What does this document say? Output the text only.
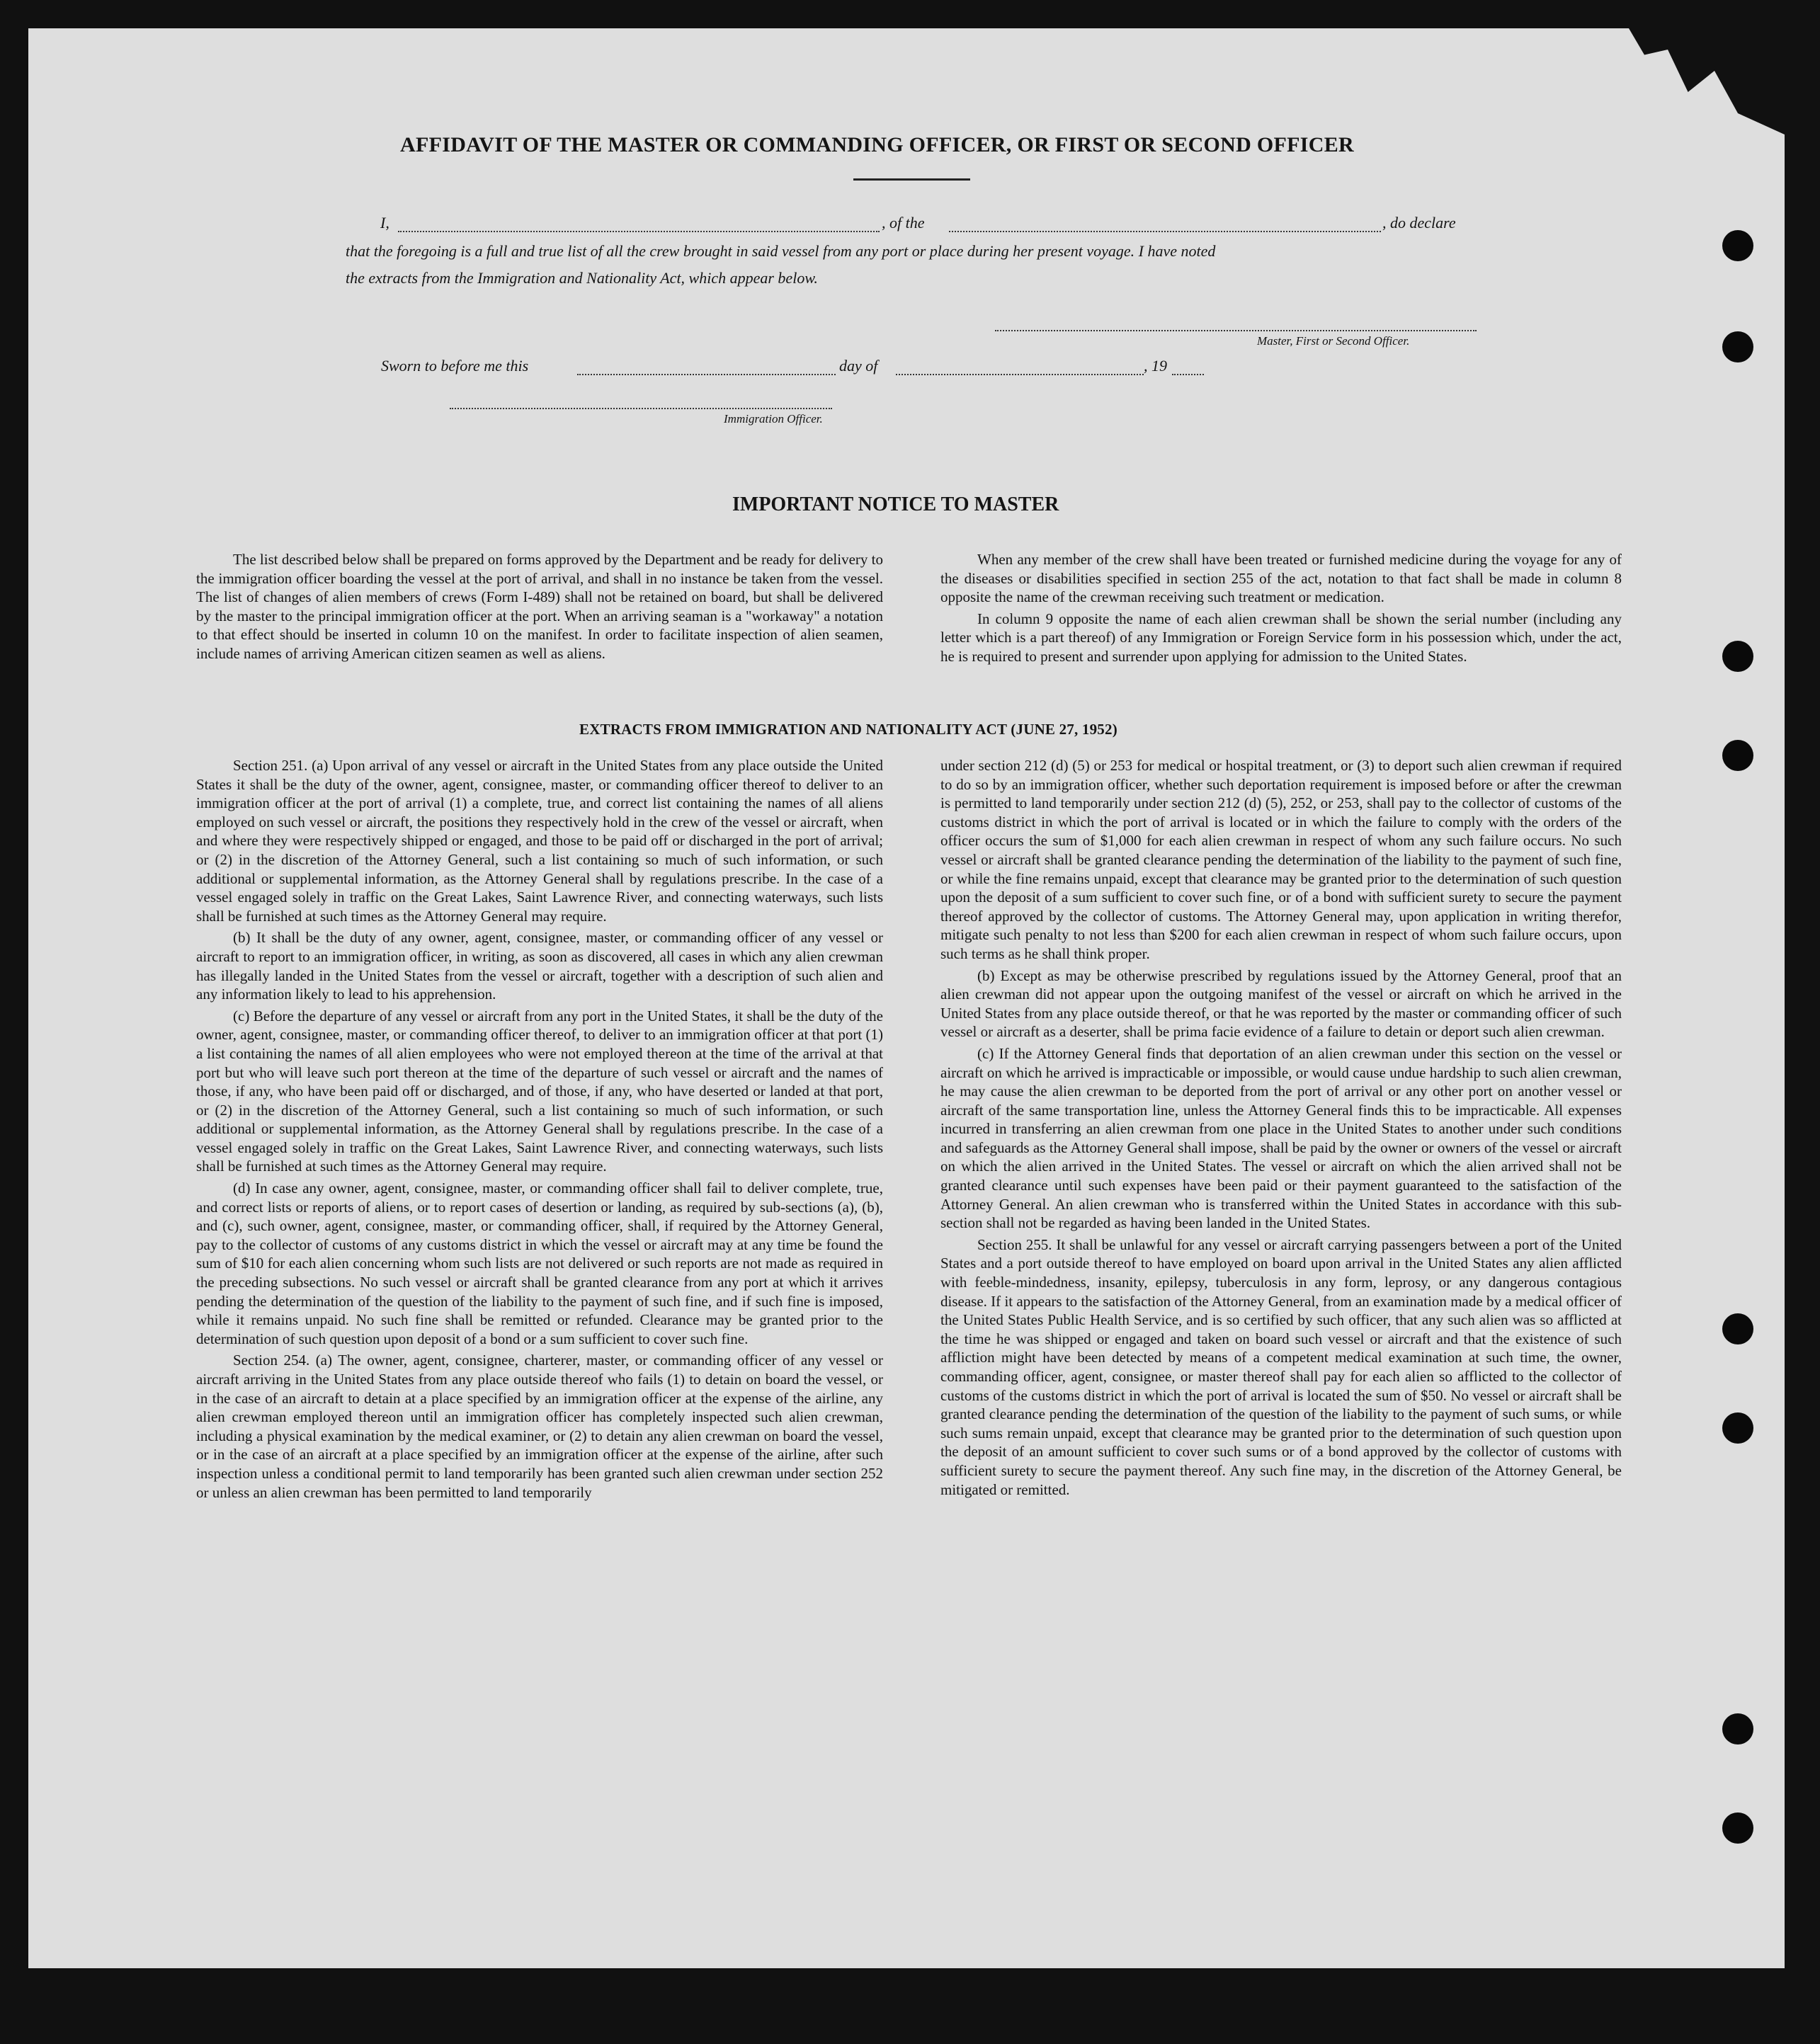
AFFIDAVIT OF THE MASTER OR COMMANDING OFFICER, OR FIRST OR SECOND OFFICER
I,	, of the	, do declare
that the foregoing is a full and true list of all the crew brought in said vessel from any port or place during her present voyage. I have noted
the extracts from the Immigration and Nationality Act, which appear below.
Master, First or Second Officer.
Sworn to before me this	day of	, 19
Immigration Officer.
IMPORTANT NOTICE TO MASTER

The list described below shall be prepared on forms approved by the Department and be ready for delivery to the immigration officer boarding the vessel at the port of arrival, and shall in no instance be taken from the vessel. The list of changes of alien members of crews (Form I-489) shall not be retained on board, but shall be delivered by the master to the principal immigration officer at the port. When an arriving seaman is a "workaway" a notation to that effect should be inserted in column 10 on the manifest. In order to facilitate inspection of alien seamen, include names of arriving American citizen seamen as well as aliens.

When any member of the crew shall have been treated or furnished medicine during the voyage for any of the diseases or disabilities specified in section 255 of the act, notation to that fact shall be made in column 8 opposite the name of the crewman receiving such treatment or medication.

In column 9 opposite the name of each alien crewman shall be shown the serial number (including any letter which is a part thereof) of any Immigration or Foreign Service form in his possession which, under the act, he is required to present and surrender upon applying for admission to the United States.

EXTRACTS FROM IMMIGRATION AND NATIONALITY ACT (JUNE 27, 1952)

Section 251. (a) Upon arrival of any vessel or aircraft in the United States from any place outside the United States it shall be the duty of the owner, agent, consignee, master, or commanding officer thereof to deliver to an immigration officer at the port of arrival (1) a complete, true, and correct list containing the names of all aliens employed on such vessel or aircraft, the positions they respectively hold in the crew of the vessel or aircraft, when and where they were respectively shipped or engaged, and those to be paid off or discharged in the port of arrival; or (2) in the discretion of the Attorney General, such a list containing so much of such information, or such additional or supplemental information, as the Attorney General shall by regulations prescribe. In the case of a vessel engaged solely in traffic on the Great Lakes, Saint Lawrence River, and connecting waterways, such lists shall be furnished at such times as the Attorney General may require.

(b) It shall be the duty of any owner, agent, consignee, master, or commanding officer of any vessel or aircraft to report to an immigration officer, in writing, as soon as discovered, all cases in which any alien crewman has illegally landed in the United States from the vessel or aircraft, together with a description of such alien and any information likely to lead to his apprehension.

(c) Before the departure of any vessel or aircraft from any port in the United States, it shall be the duty of the owner, agent, consignee, master, or commanding officer thereof, to deliver to an immigration officer at that port (1) a list containing the names of all alien employees who were not employed thereon at the time of the arrival at that port but who will leave such port thereon at the time of the departure of such vessel or aircraft and the names of those, if any, who have been paid off or discharged, and of those, if any, who have deserted or landed at that port, or (2) in the discretion of the Attorney General, such a list containing so much of such information, or such additional or supplemental information, as the Attorney General shall by regulations prescribe. In the case of a vessel engaged solely in traffic on the Great Lakes, Saint Lawrence River, and connecting waterways, such lists shall be furnished at such times as the Attorney General may require.

(d) In case any owner, agent, consignee, master, or commanding officer shall fail to deliver complete, true, and correct lists or reports of aliens, or to report cases of desertion or landing, as required by sub-sections (a), (b), and (c), such owner, agent, consignee, master, or commanding officer, shall, if required by the Attorney General, pay to the collector of customs of any customs district in which the vessel or aircraft may at any time be found the sum of $10 for each alien concerning whom such lists are not delivered or such reports are not made as required in the preceding subsections. No such vessel or aircraft shall be granted clearance from any port at which it arrives pending the determination of the question of the liability to the payment of such fine, and if such fine is imposed, while it remains unpaid. No such fine shall be remitted or refunded. Clearance may be granted prior to the determination of such question upon deposit of a bond or a sum sufficient to cover such fine.

Section 254. (a) The owner, agent, consignee, charterer, master, or commanding officer of any vessel or aircraft arriving in the United States from any place outside thereof who fails (1) to detain on board the vessel, or in the case of an aircraft to detain at a place specified by an immigration officer at the expense of the airline, any alien crewman employed thereon until an immigration officer has completely inspected such alien crewman, including a physical examination by the medical examiner, or (2) to detain any alien crewman on board the vessel, or in the case of an aircraft at a place specified by an immigration officer at the expense of the airline, after such inspection unless a conditional permit to land temporarily has been granted such alien crewman under section 252 or unless an alien crewman has been permitted to land temporarily

under section 212 (d) (5) or 253 for medical or hospital treatment, or (3) to deport such alien crewman if required to do so by an immigration officer, whether such deportation requirement is imposed before or after the crewman is permitted to land temporarily under section 212 (d) (5), 252, or 253, shall pay to the collector of customs of the customs district in which the port of arrival is located or in which the failure to comply with the orders of the officer occurs the sum of $1,000 for each alien crewman in respect of whom any such failure occurs. No such vessel or aircraft shall be granted clearance pending the determination of the liability to the payment of such fine, or while the fine remains unpaid, except that clearance may be granted prior to the determination of such question upon the deposit of a sum sufficient to cover such fine, or of a bond with sufficient surety to secure the payment thereof approved by the collector of customs. The Attorney General may, upon application in writing therefor, mitigate such penalty to not less than $200 for each alien crewman in respect of whom such failure occurs, upon such terms as he shall think proper.

(b) Except as may be otherwise prescribed by regulations issued by the Attorney General, proof that an alien crewman did not appear upon the outgoing manifest of the vessel or aircraft on which he arrived in the United States from any place outside thereof, or that he was reported by the master or commanding officer of such vessel or aircraft as a deserter, shall be prima facie evidence of a failure to detain or deport such alien crewman.

(c) If the Attorney General finds that deportation of an alien crewman under this section on the vessel or aircraft on which he arrived is impracticable or impossible, or would cause undue hardship to such alien crewman, he may cause the alien crewman to be deported from the port of arrival or any other port on another vessel or aircraft of the same transportation line, unless the Attorney General finds this to be impracticable. All expenses incurred in transferring an alien crewman from one place in the United States to another under such conditions and safeguards as the Attorney General shall impose, shall be paid by the owner or owners of the vessel or aircraft on which the alien arrived in the United States. The vessel or aircraft on which the alien arrived shall not be granted clearance until such expenses have been paid or their payment guaranteed to the satisfaction of the Attorney General. An alien crewman who is transferred within the United States in accordance with this sub-section shall not be regarded as having been landed in the United States.

Section 255. It shall be unlawful for any vessel or aircraft carrying passengers between a port of the United States and a port outside thereof to have employed on board upon arrival in the United States any alien afflicted with feeble-mindedness, insanity, epilepsy, tuberculosis in any form, leprosy, or any dangerous contagious disease. If it appears to the satisfaction of the Attorney General, from an examination made by a medical officer of the United States Public Health Service, and is so certified by such officer, that any such alien was so afflicted at the time he was shipped or engaged and taken on board such vessel or aircraft and that the existence of such affliction might have been detected by means of a competent medical examination at such time, the owner, commanding officer, agent, consignee, or master thereof shall pay for each alien so afflicted to the collector of customs of the customs district in which the port of arrival is located the sum of $50. No vessel or aircraft shall be granted clearance pending the determination of the question of the liability to the payment of such sums, or while such sums remain unpaid, except that clearance may be granted prior to the determination of such question upon the deposit of an amount sufficient to cover such sums or of a bond approved by the collector of customs with sufficient surety to secure the payment thereof. Any such fine may, in the discretion of the Attorney General, be mitigated or remitted.
